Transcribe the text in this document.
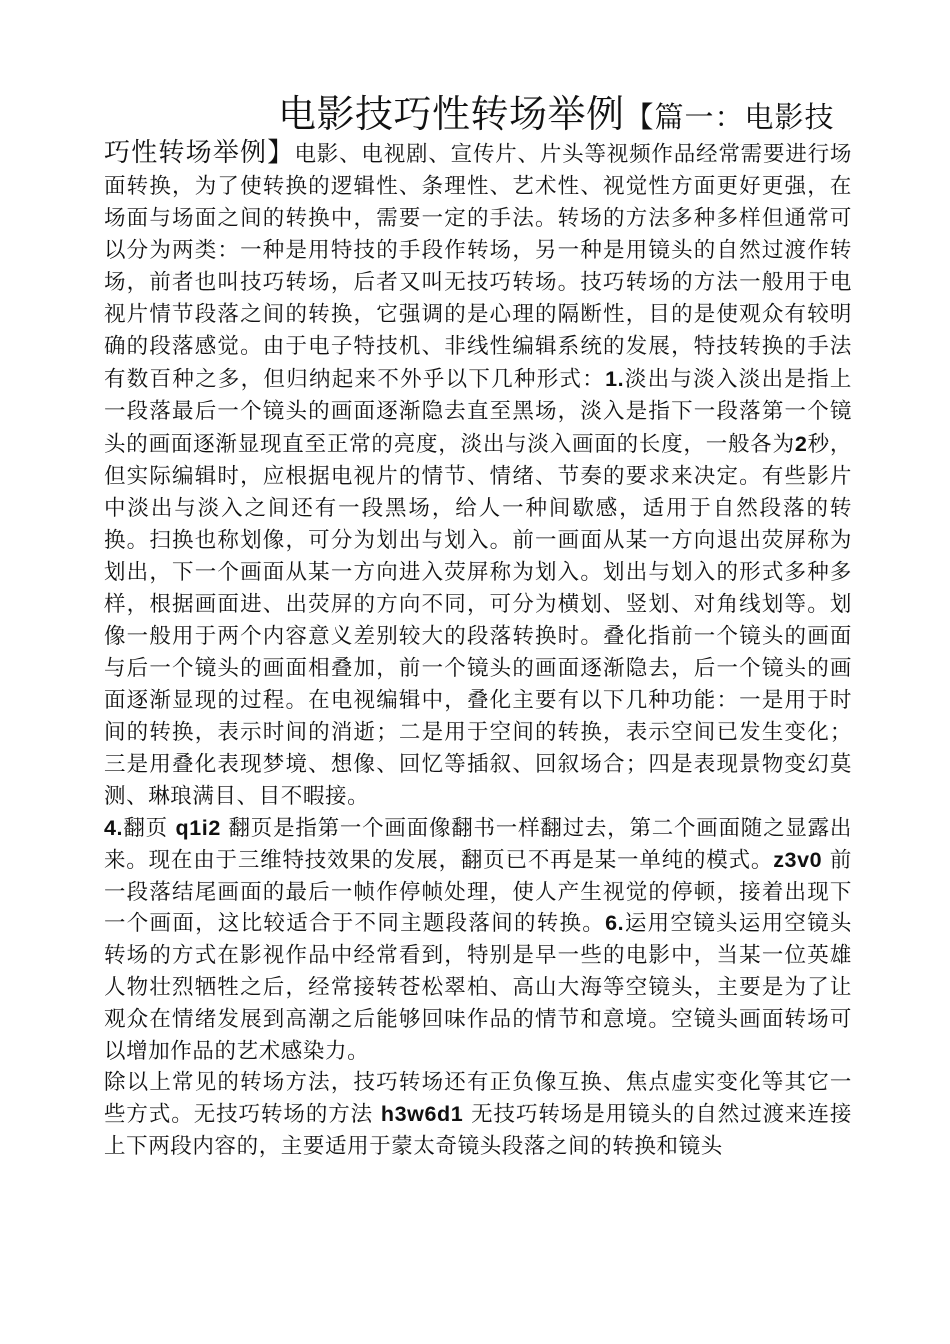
电影技巧性转场举例【篇一：电影技
巧性转场举例】电影、电视剧、宣传片、片头等视频作品经常需要进行场面转换，为了使转换的逻辑性、条理性、艺术性、视觉性方面更好更强，在场面与场面之间的转换中，需要一定的手法。转场的方法多种多样但通常可以分为两类：一种是用特技的手段作转场，另一种是用镜头的自然过渡作转场，前者也叫技巧转场，后者又叫无技巧转场。技巧转场的方法一般用于电视片情节段落之间的转换，它强调的是心理的隔断性，目的是使观众有较明确的段落感觉。由于电子特技机、非线性编辑系统的发展，特技转换的手法有数百种之多，但归纳起来不外乎以下几种形式：1.淡出与淡入淡出是指上一段落最后一个镜头的画面逐渐隐去直至黑场，淡入是指下一段落第一个镜头的画面逐渐显现直至正常的亮度，淡出与淡入画面的长度，一般各为2秒，但实际编辑时，应根据电视片的情节、情绪、节奏的要求来决定。有些影片中淡出与淡入之间还有一段黑场，给人一种间歇感，适用于自然段落的转换。扫换也称划像，可分为划出与划入。前一画面从某一方向退出荧屏称为划出，下一个画面从某一方向进入荧屏称为划入。划出与划入的形式多种多样，根据画面进、出荧屏的方向不同，可分为横划、竖划、对角线划等。划像一般用于两个内容意义差别较大的段落转换时。叠化指前一个镜头的画面与后一个镜头的画面相叠加，前一个镜头的画面逐渐隐去，后一个镜头的画面逐渐显现的过程。在电视编辑中，叠化主要有以下几种功能：一是用于时间的转换，表示时间的消逝；二是用于空间的转换，表示空间已发生变化；三是用叠化表现梦境、想像、回忆等插叙、回叙场合；四是表现景物变幻莫测、琳琅满目、目不暇接。

4.翻页 q1i2 翻页是指第一个画面像翻书一样翻过去，第二个画面随之显露出来。现在由于三维特技效果的发展，翻页已不再是某一单纯的模式。z3v0 前一段落结尾画面的最后一帧作停帧处理，使人产生视觉的停顿，接着出现下一个画面，这比较适合于不同主题段落间的转换。6.运用空镜头运用空镜头转场的方式在影视作品中经常看到，特别是早一些的电影中，当某一位英雄人物壮烈牺牲之后，经常接转苍松翠柏、高山大海等空镜头，主要是为了让观众在情绪发展到高潮之后能够回味作品的情节和意境。空镜头画面转场可以增加作品的艺术感染力。

除以上常见的转场方法，技巧转场还有正负像互换、焦点虚实变化等其它一些方式。无技巧转场的方法 h3w6d1 无技巧转场是用镜头的自然过渡来连接上下两段内容的，主要适用于蒙太奇镜头段落之间的转换和镜头
